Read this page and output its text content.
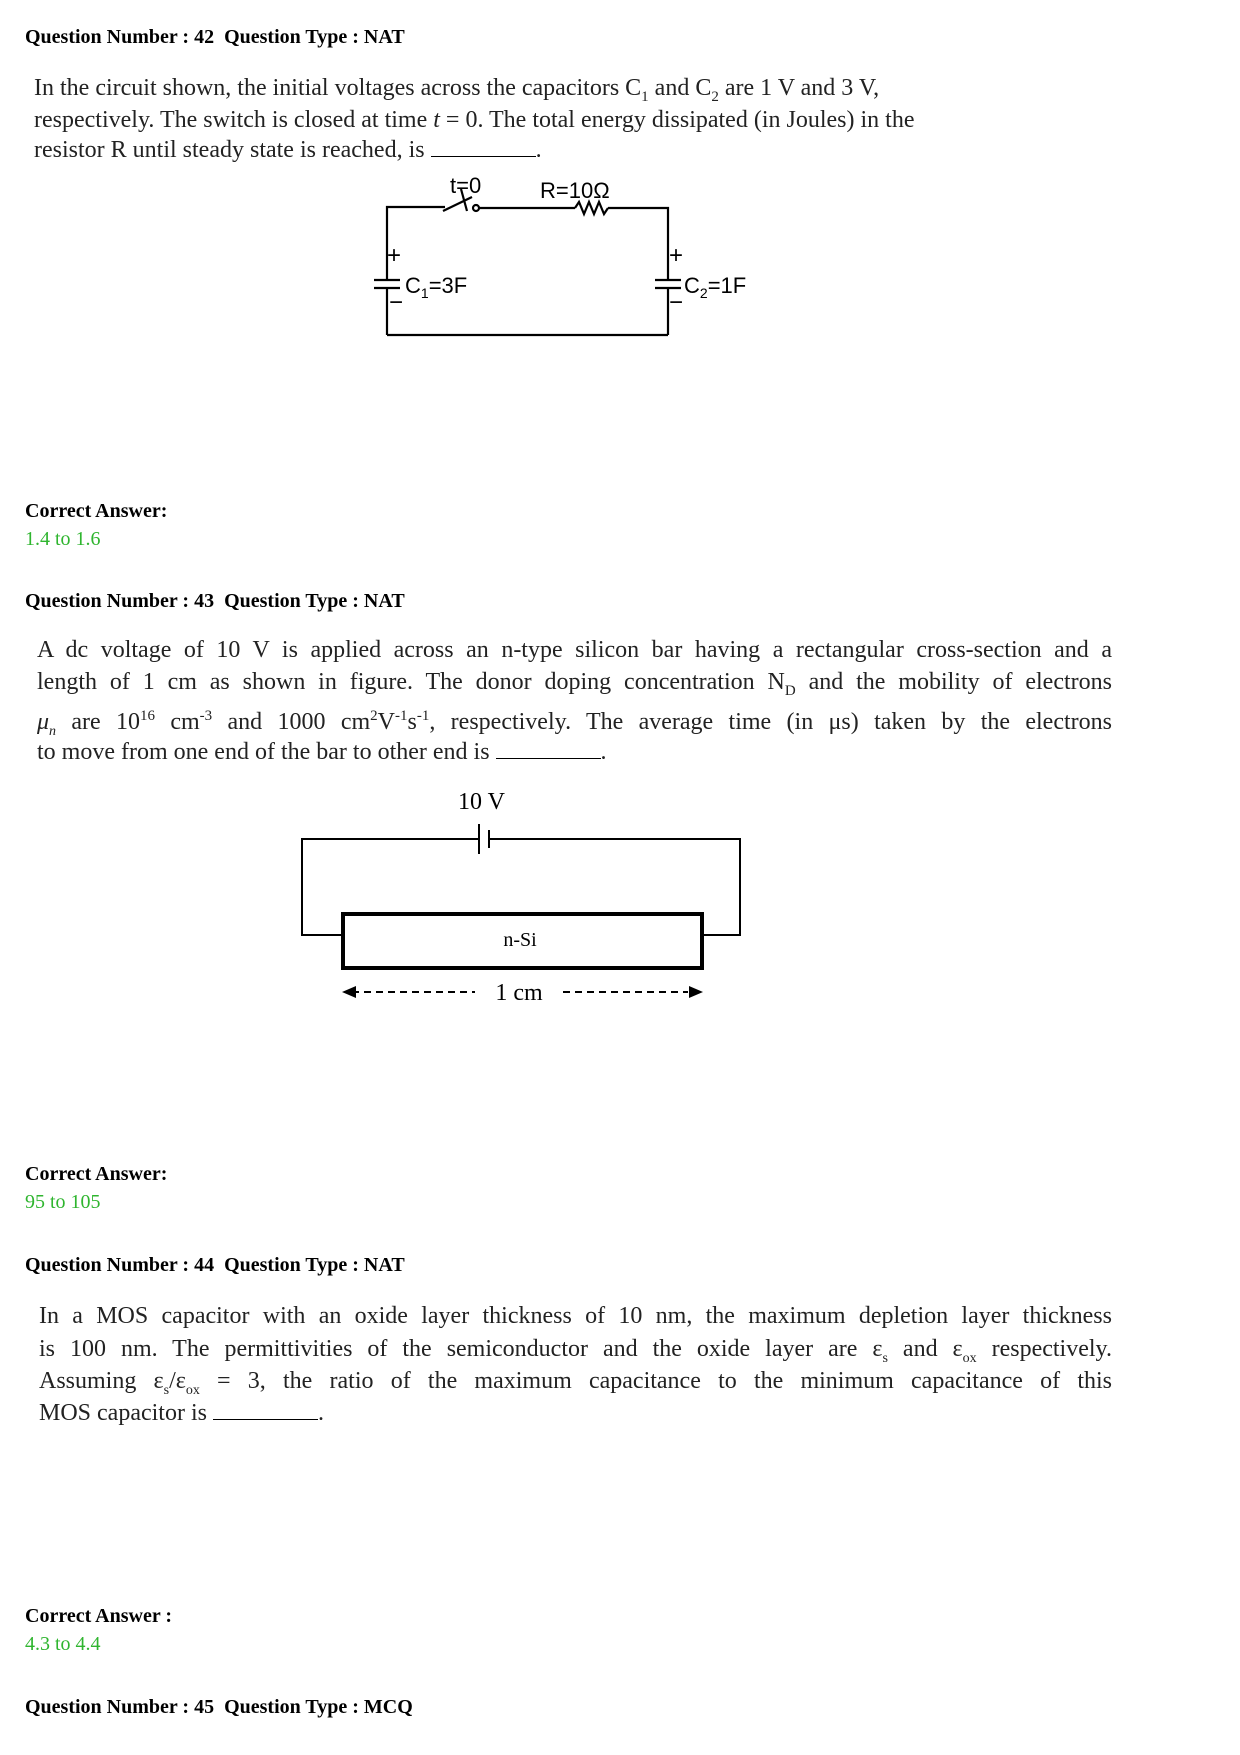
Question Number : 42  Question Type : NAT
In the circuit shown, the initial voltages across the capacitors $C_1$ and $C_2$ are 1 V and 3 V,
respectively. The switch is closed at time t = 0. The total energy dissipated (in Joules) in the
resistor R until steady state is reached, is	.
t=0	R=10Ω
+
−
+
−
$C_1=3F$	$C_2=1F$
Correct Answer:
1.4 to 1.6
Question Number : 43  Question Type : NAT
A dc voltage of 10 V is applied across an n-type silicon bar having a rectangular cross-section and a
length of 1 cm as shown in figure. The donor doping concentration $N_D$ and the mobility of electrons
$\mu_n$ are $10^{16}$ $cm^{-3}$ and 1000 $cm^2V^{-1}s^{-1}$, respectively. The average time (in μs) taken by the electrons
to move from one end of the bar to other end is	.
10 V
n-Si
1 cm
Correct Answer:
95 to 105
Question Number : 44  Question Type : NAT
In a MOS capacitor with an oxide layer thickness of 10 nm, the maximum depletion layer thickness
is 100 nm. The permittivities of the semiconductor and the oxide layer are $\varepsilon_s$ and $\varepsilon_{ox}$ respectively.
Assuming $\varepsilon_s/\varepsilon_{ox} = 3$, the ratio of the maximum capacitance to the minimum capacitance of this
MOS capacitor is	.
Correct Answer :
4.3 to 4.4
Question Number : 45  Question Type : MCQ
